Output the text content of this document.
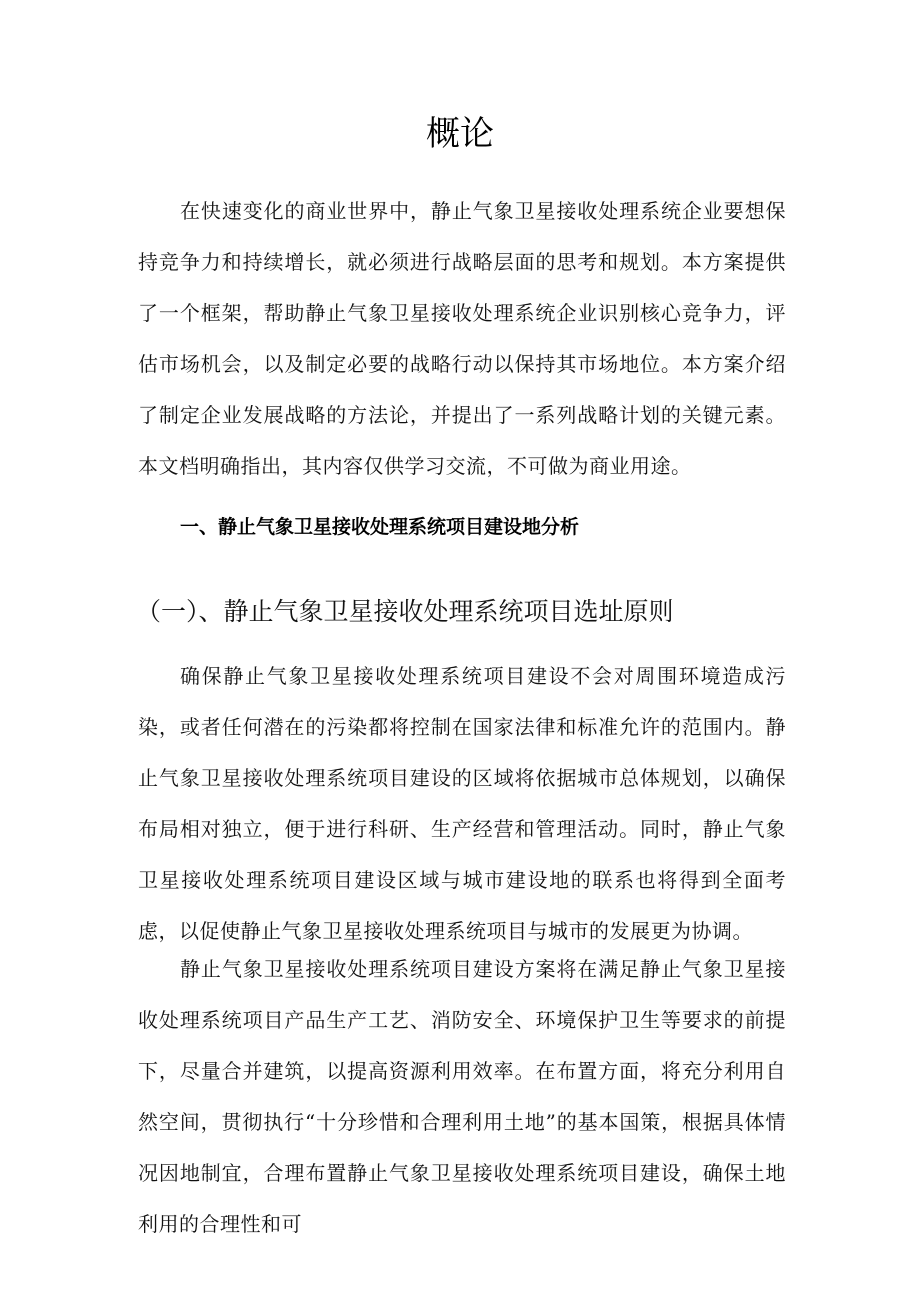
概论

在快速变化的商业世界中，静止气象卫星接收处理系统企业要想保持竞争力和持续增长，就必须进行战略层面的思考和规划。本方案提供了一个框架，帮助静止气象卫星接收处理系统企业识别核心竞争力，评估市场机会，以及制定必要的战略行动以保持其市场地位。本方案介绍了制定企业发展战略的方法论，并提出了一系列战略计划的关键元素。本文档明确指出，其内容仅供学习交流，不可做为商业用途。

一、静止气象卫星接收处理系统项目建设地分析
（一）、静止气象卫星接收处理系统项目选址原则

确保静止气象卫星接收处理系统项目建设不会对周围环境造成污染，或者任何潜在的污染都将控制在国家法律和标准允许的范围内。静止气象卫星接收处理系统项目建设的区域将依据城市总体规划，以确保布局相对独立，便于进行科研、生产经营和管理活动。同时，静止气象卫星接收处理系统项目建设区域与城市建设地的联系也将得到全面考虑，以促使静止气象卫星接收处理系统项目与城市的发展更为协调。

静止气象卫星接收处理系统项目建设方案将在满足静止气象卫星接收处理系统项目产品生产工艺、消防安全、环境保护卫生等要求的前提下，尽量合并建筑，以提高资源利用效率。在布置方面，将充分利用自然空间，贯彻执行“十分珍惜和合理利用土地”的基本国策，根据具体情况因地制宜，合理布置静止气象卫星接收处理系统项目建设，确保土地利用的合理性和可
